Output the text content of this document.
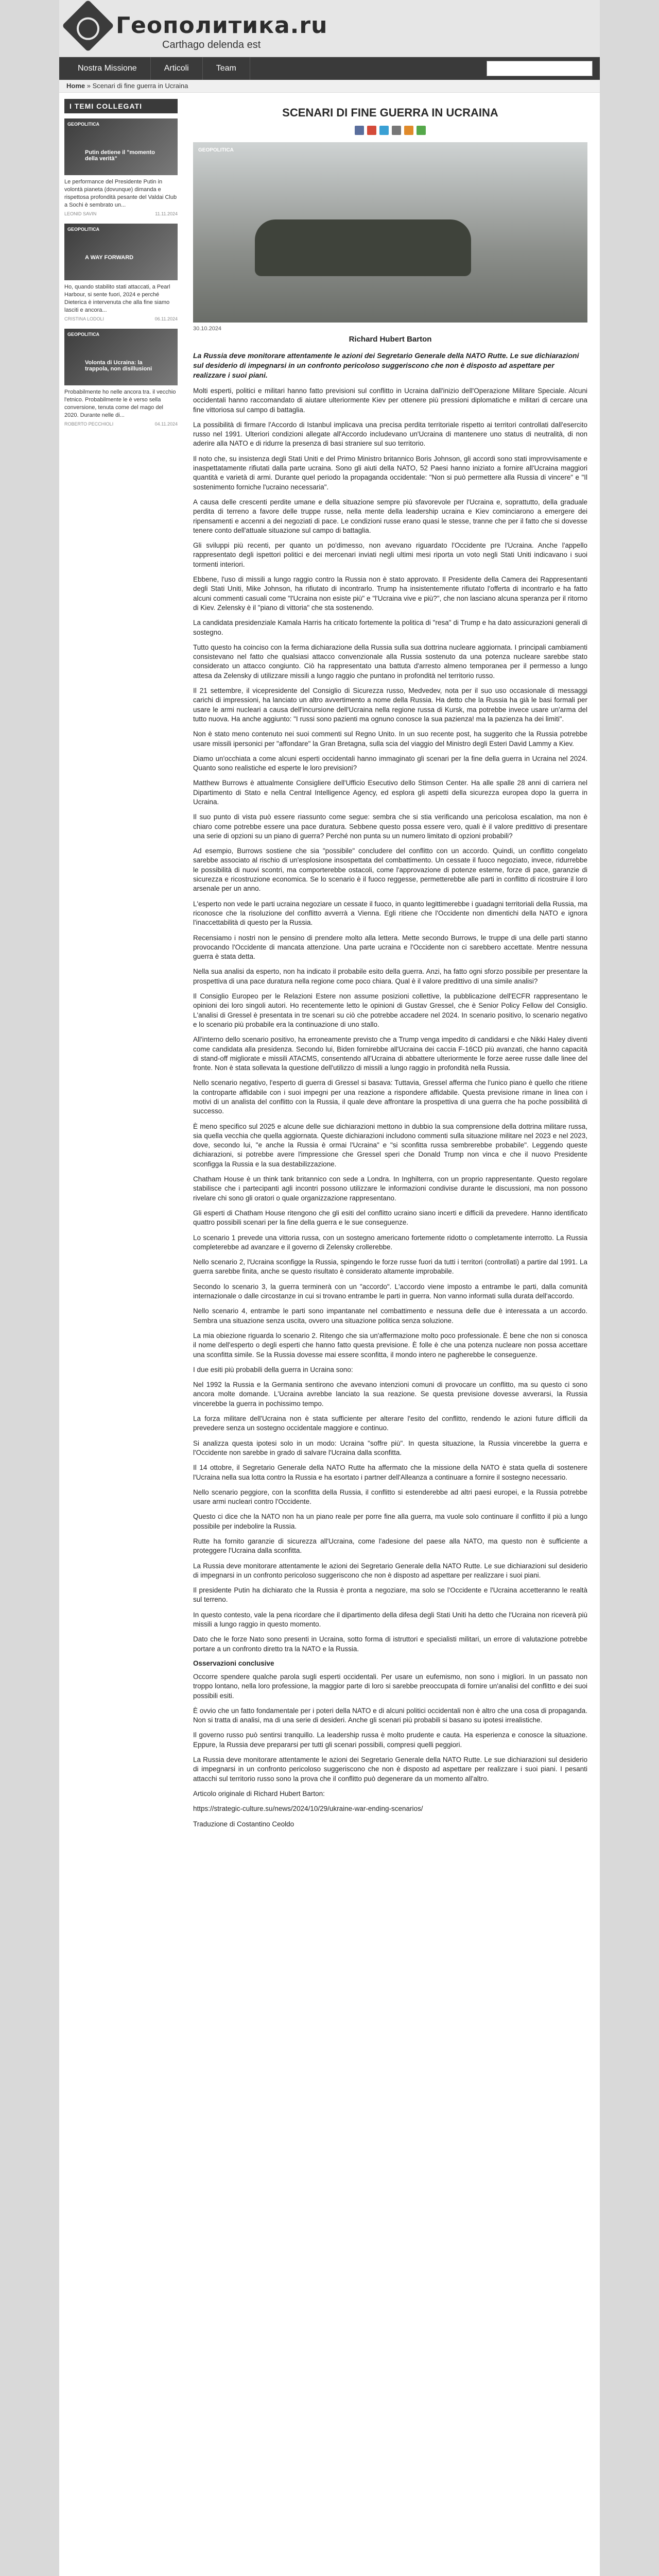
Геополитика.ru
Carthago delenda est
Nostra Missione	Articoli	Team
Home » Scenari di fine guerra in Ucraina
I TEMI COLLEGATI
GEOPOLITICA
Putin detiene il "momento della verità"
Le performance del Presidente Putin in volontà pianeta (dovunque) dimanda e rispettosa profondità pesante del Valdai Club a Sochi è sembrato un...
LEONID SAVIN	11.11.2024
GEOPOLITICA
A WAY FORWARD
Ho, quando stabilito stati attaccati, a Pearl Harbour, si sente fuori, 2024 e perché Dieterica è intervenuta che alla fine siamo lasciti e ancora...
CRISTINA LODOLI	06.11.2024
GEOPOLITICA
Volonta di Ucraina: la trappola, non disillusioni
Probabilmente ho nelle ancora tra. il vecchio l'etnico. Probabilmente le è verso sella conversione, tenuta come del mago del 2020. Durante nelle di...
ROBERTO PECCHIOLI	04.11.2024
SCENARI DI FINE GUERRA IN UCRAINA
GEOPOLITICA
30.10.2024
Richard Hubert Barton
La Russia deve monitorare attentamente le azioni dei Segretario Generale della NATO Rutte. Le sue dichiarazioni sul desiderio di impegnarsi in un confronto pericoloso suggeriscono che non è disposto ad aspettare per realizzare i suoi piani.

Molti esperti, politici e militari hanno fatto previsioni sul conflitto in Ucraina dall'inizio dell'Operazione Militare Speciale. Alcuni occidentali hanno raccomandato di aiutare ulteriormente Kiev per ottenere più pressioni diplomatiche e militari di cercare una fine vittoriosa sul campo di battaglia.

La possibilità di firmare l'Accordo di Istanbul implicava una precisa perdita territoriale rispetto ai territori controllati dall'esercito russo nel 1991. Ulteriori condizioni allegate all'Accordo includevano un'Ucraina di mantenere uno status di neutralità, di non aderire alla NATO e di ridurre la presenza di basi straniere sul suo territorio.

Il noto che, su insistenza degli Stati Uniti e del Primo Ministro britannico Boris Johnson, gli accordi sono stati improvvisamente e inaspettatamente rifiutati dalla parte ucraina. Sono gli aiuti della NATO, 52 Paesi hanno iniziato a fornire all'Ucraina maggiori quantità e varietà di armi. Durante quel periodo la propaganda occidentale: "Non si può permettere alla Russia di vincere" e "Il sostenimento forniche l'ucraino necessaria".

A causa delle crescenti perdite umane e della situazione sempre più sfavorevole per l'Ucraina e, soprattutto, della graduale perdita di terreno a favore delle truppe russe, nella mente della leadership ucraina e Kiev cominciarono a emergere dei ripensamenti e accenni a dei negoziati di pace. Le condizioni russe erano quasi le stesse, tranne che per il fatto che si dovesse tenere conto dell'attuale situazione sul campo di battaglia.

Gli sviluppi più recenti, per quanto un po'dimesso, non avevano riguardato l'Occidente pre l'Ucraina. Anche l'appello rappresentato degli ispettori politici e dei mercenari inviati negli ultimi mesi riporta un voto negli Stati Uniti indicavano i suoi tormenti interiori.

Ebbene, l'uso di missili a lungo raggio contro la Russia non è stato approvato. Il Presidente della Camera dei Rappresentanti degli Stati Uniti, Mike Johnson, ha rifiutato di incontrarlo. Trump ha insistentemente rifiutato l'offerta di incontrarlo e ha fatto alcuni commenti casuali come "l'Ucraina non esiste più" e "l'Ucraina vive e più?", che non lasciano alcuna speranza per il ritorno di Kiev. Zelensky è il "piano di vittoria" che sta sostenendo.

La candidata presidenziale Kamala Harris ha criticato fortemente la politica di "resa" di Trump e ha dato assicurazioni generali di sostegno.

Tutto questo ha coinciso con la ferma dichiarazione della Russia sulla sua dottrina nucleare aggiornata. I principali cambiamenti consistevano nel fatto che qualsiasi attacco convenzionale alla Russia sostenuto da una potenza nucleare sarebbe stato considerato un attacco congiunto. Ciò ha rappresentato una battuta d'arresto almeno temporanea per il permesso a lungo attesa da Zelensky di utilizzare missili a lungo raggio che puntano in profondità nel territorio russo.

Il 21 settembre, il vicepresidente del Consiglio di Sicurezza russo, Medvedev, nota per il suo uso occasionale di messaggi carichi di impressioni, ha lanciato un altro avvertimento a nome della Russia. Ha detto che la Russia ha già le basi formali per usare le armi nucleari a causa dell'incursione dell'Ucraina nella regione russa di Kursk, ma potrebbe invece usare un'arma del tutto nuova. Ha anche aggiunto: "I russi sono pazienti ma ognuno conosce la sua pazienza! ma la pazienza ha dei limiti".

Non è stato meno contenuto nei suoi commenti sul Regno Unito. In un suo recente post, ha suggerito che la Russia potrebbe usare missili ipersonici per "affondare" la Gran Bretagna, sulla scia del viaggio del Ministro degli Esteri David Lammy a Kiev.

Diamo un'occhiata a come alcuni esperti occidentali hanno immaginato gli scenari per la fine della guerra in Ucraina nel 2024. Quanto sono realistiche ed esperte le loro previsioni?

Matthew Burrows è attualmente Consigliere dell'Ufficio Esecutivo dello Stimson Center. Ha alle spalle 28 anni di carriera nel Dipartimento di Stato e nella Central Intelligence Agency, ed esplora gli aspetti della sicurezza europea dopo la guerra in Ucraina.

Il suo punto di vista può essere riassunto come segue: sembra che si stia verificando una pericolosa escalation, ma non è chiaro come potrebbe essere una pace duratura. Sebbene questo possa essere vero, quali è il valore predittivo di presentare una serie di opzioni su un piano di guerra? Perché non punta su un numero limitato di opzioni probabili?

Ad esempio, Burrows sostiene che sia "possibile" concludere del conflitto con un accordo. Quindi, un conflitto congelato sarebbe associato al rischio di un'esplosione insospettata del combattimento. Un cessate il fuoco negoziato, invece, ridurrebbe le possibilità di nuovi scontri, ma comporterebbe ostacoli, come l'approvazione di potenze esterne, forze di pace, garanzie di sicurezza e ricostruzione economica. Se lo scenario è il fuoco reggesse, permetterebbe alle parti in conflitto di ricostruire il loro arsenale per un anno.

L'esperto non vede le parti ucraina negoziare un cessate il fuoco, in quanto legittimerebbe i guadagni territoriali della Russia, ma riconosce che la risoluzione del conflitto avverrà a Vienna. Egli ritiene che l'Occidente non dimentichi della NATO e ignora l'inaccettabilità di questo per la Russia.

Recensiamo i nostri non le pensino di prendere molto alla lettera. Mette secondo Burrows, le truppe di una delle parti stanno provocando l'Occidente di mancata attenzione. Una parte ucraina e l'Occidente non ci sarebbero accettate. Mentre nessuna guerra è stata detta.

Nella sua analisi da esperto, non ha indicato il probabile esito della guerra. Anzi, ha fatto ogni sforzo possibile per presentare la prospettiva di una pace duratura nella regione come poco chiara. Qual è il valore predittivo di una simile analisi?

Il Consiglio Europeo per le Relazioni Estere non assume posizioni collettive, la pubblicazione dell'ECFR rappresentano le opinioni dei loro singoli autori. Ho recentemente letto le opinioni di Gustav Gressel, che è Senior Policy Fellow del Consiglio. L'analisi di Gressel è presentata in tre scenari su ciò che potrebbe accadere nel 2024. In scenario positivo, lo scenario negativo e lo scenario più probabile era la continuazione di uno stallo.

All'interno dello scenario positivo, ha erroneamente previsto che a Trump venga impedito di candidarsi e che Nikki Haley diventi come candidata alla presidenza. Secondo lui, Biden fornirebbe all'Ucraina dei caccia F-16CD più avanzati, che hanno capacità di stand-off migliorate e missili ATACMS, consentendo all'Ucraina di abbattere ulteriormente le forze aeree russe dalle linee del fronte. Non è stata sollevata la questione dell'utilizzo di missili a lungo raggio in profondità nella Russia.

Nello scenario negativo, l'esperto di guerra di Gressel si basava: Tuttavia, Gressel afferma che l'unico piano è quello che ritiene la controparte affidabile con i suoi impegni per una reazione a rispondere affidabile. Questa previsione rimane in linea con i motivi di un analista del conflitto con la Russia, il quale deve affrontare la prospettiva di una guerra che ha poche possibilità di successo.

È meno specifico sul 2025 e alcune delle sue dichiarazioni mettono in dubbio la sua comprensione della dottrina militare russa, sia quella vecchia che quella aggiornata. Queste dichiarazioni includono commenti sulla situazione militare nel 2023 e nel 2023, dove, secondo lui, "e anche la Russia è ormai l'Ucraina" e "si sconfitta russa sembrerebbe probabile". Leggendo queste dichiarazioni, si potrebbe avere l'impressione che Gressel speri che Donald Trump non vinca e che il nuovo Presidente sconfigga la Russia e la sua destabilizzazione.

Chatham House è un think tank britannico con sede a Londra. In Inghilterra, con un proprio rappresentante. Questo regolare stabilisce che i partecipanti agli incontri possono utilizzare le informazioni condivise durante le discussioni, ma non possono rivelare chi sono gli oratori o quale organizzazione rappresentano.

Gli esperti di Chatham House ritengono che gli esiti del conflitto ucraino siano incerti e difficili da prevedere. Hanno identificato quattro possibili scenari per la fine della guerra e le sue conseguenze.

Lo scenario 1 prevede una vittoria russa, con un sostegno americano fortemente ridotto o completamente interrotto. La Russia completerebbe ad avanzare e il governo di Zelensky crollerebbe.

Nello scenario 2, l'Ucraina sconfigge la Russia, spingendo le forze russe fuori da tutti i territori (controllati) a partire dal 1991. La guerra sarebbe finita, anche se questo risultato è considerato altamente improbabile.

Secondo lo scenario 3, la guerra terminerà con un "accordo". L'accordo viene imposto a entrambe le parti, dalla comunità internazionale o dalle circostanze in cui si trovano entrambe le parti in guerra. Non vanno informati sulla durata dell'accordo.

Nello scenario 4, entrambe le parti sono impantanate nel combattimento e nessuna delle due è interessata a un accordo. Sembra una situazione senza uscita, ovvero una situazione politica senza soluzione.

La mia obiezione riguarda lo scenario 2. Ritengo che sia un'affermazione molto poco professionale. È bene che non si conosca il nome dell'esperto o degli esperti che hanno fatto questa previsione. È folle è che una potenza nucleare non possa accettare una sconfitta simile. Se la Russia dovesse mai essere sconfitta, il mondo intero ne pagherebbe le conseguenze.

I due esiti più probabili della guerra in Ucraina sono:

Nel 1992 la Russia e la Germania sentirono che avevano intenzioni comuni di provocare un conflitto, ma su questo ci sono ancora molte domande. L'Ucraina avrebbe lanciato la sua reazione. Se questa previsione dovesse avverarsi, la Russia vincerebbe la guerra in pochissimo tempo.

La forza militare dell'Ucraina non è stata sufficiente per alterare l'esito del conflitto, rendendo le azioni future difficili da prevedere senza un sostegno occidentale maggiore e continuo.

Si analizza questa ipotesi solo in un modo: Ucraina "soffre più". In questa situazione, la Russia vincerebbe la guerra e l'Occidente non sarebbe in grado di salvare l'Ucraina dalla sconfitta.

Il 14 ottobre, il Segretario Generale della NATO Rutte ha affermato che la missione della NATO è stata quella di sostenere l'Ucraina nella sua lotta contro la Russia e ha esortato i partner dell'Alleanza a continuare a fornire il sostegno necessario.

Nello scenario peggiore, con la sconfitta della Russia, il conflitto si estenderebbe ad altri paesi europei, e la Russia potrebbe usare armi nucleari contro l'Occidente.

Questo ci dice che la NATO non ha un piano reale per porre fine alla guerra, ma vuole solo continuare il conflitto il più a lungo possibile per indebolire la Russia.

Rutte ha fornito garanzie di sicurezza all'Ucraina, come l'adesione del paese alla NATO, ma questo non è sufficiente a proteggere l'Ucraina dalla sconfitta.

La Russia deve monitorare attentamente le azioni dei Segretario Generale della NATO Rutte. Le sue dichiarazioni sul desiderio di impegnarsi in un confronto pericoloso suggeriscono che non è disposto ad aspettare per realizzare i suoi piani.

Il presidente Putin ha dichiarato che la Russia è pronta a negoziare, ma solo se l'Occidente e l'Ucraina accetteranno le realtà sul terreno.

In questo contesto, vale la pena ricordare che il dipartimento della difesa degli Stati Uniti ha detto che l'Ucraina non riceverà più missili a lungo raggio in questo momento.

Dato che le forze Nato sono presenti in Ucraina, sotto forma di istruttori e specialisti militari, un errore di valutazione potrebbe portare a un confronto diretto tra la NATO e la Russia.

Osservazioni conclusive

Occorre spendere qualche parola sugli esperti occidentali. Per usare un eufemismo, non sono i migliori. In un passato non troppo lontano, nella loro professione, la maggior parte di loro si sarebbe preoccupata di fornire un'analisi del conflitto e dei suoi possibili esiti.

È ovvio che un fatto fondamentale per i poteri della NATO e di alcuni politici occidentali non è altro che una cosa di propaganda. Non si tratta di analisi, ma di una serie di desideri. Anche gli scenari più probabili si basano su ipotesi irrealistiche.

Il governo russo può sentirsi tranquillo. La leadership russa è molto prudente e cauta. Ha esperienza e conosce la situazione. Eppure, la Russia deve prepararsi per tutti gli scenari possibili, compresi quelli peggiori.

La Russia deve monitorare attentamente le azioni dei Segretario Generale della NATO Rutte. Le sue dichiarazioni sul desiderio di impegnarsi in un confronto pericoloso suggeriscono che non è disposto ad aspettare per realizzare i suoi piani. I pesanti attacchi sul territorio russo sono la prova che il conflitto può degenerare da un momento all'altro.

Articolo originale di Richard Hubert Barton:

https://strategic-culture.su/news/2024/10/29/ukraine-war-ending-scenarios/

Traduzione di Costantino Ceoldo
